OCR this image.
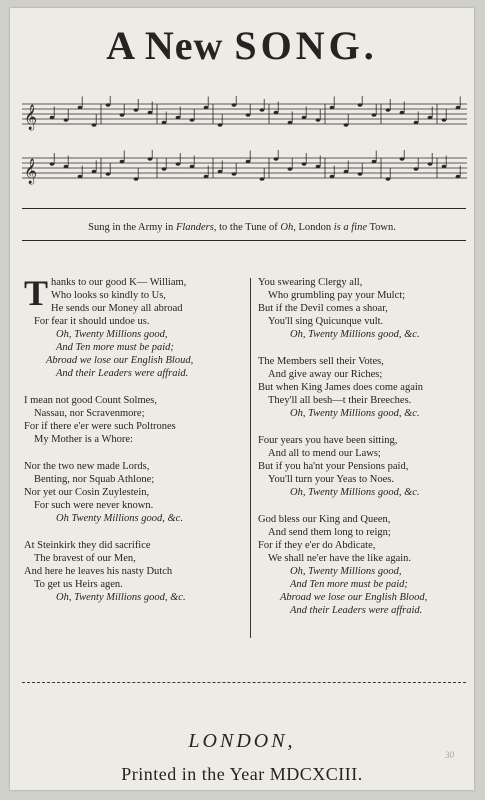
A New SONG.
𝄞
𝄞
Sung in the Army in Flanders, to the Tune of Oh, London is a fine Town.
Thanks to our good K— William,
Who looks so kindly to Us,
He sends our Money all abroad
For fear it should undoe us.
Oh, Twenty Millions good,
And Ten more must be paid;
Abroad we lose our English Bloud,
And their Leaders were affraid.
I mean not good Count Solmes,
Nassau, nor Scravenmore;
For if there e'er were such Poltrones
My Mother is a Whore:
Nor the two new made Lords,
Benting, nor Squab Athlone;
Nor yet our Cosin Zuylestein,
For such were never known.
Oh Twenty Millions good, &c.
At Steinkirk they did sacrifice
The bravest of our Men,
And here he leaves his nasty Dutch
To get us Heirs agen.
Oh, Twenty Millions good, &c.
You swearing Clergy all,
Who grumbling pay your Mulct;
But if the Devil comes a shoar,
You'll sing Quicunque vult.
Oh, Twenty Millions good, &c.
The Members sell their Votes,
And give away our Riches;
But when King James does come again
They'll all besh—t their Breeches.
Oh, Twenty Millions good, &c.
Four years you have been sitting,
And all to mend our Laws;
But if you ha'nt your Pensions paid,
You'll turn your Yeas to Noes.
Oh, Twenty Millions good, &c.
God bless our King and Queen,
And send them long to reign;
For if they e'er do Abdicate,
We shall ne'er have the like again.
Oh, Twenty Millions good,
And Ten more must be paid;
Abroad we lose our English Blood,
And their Leaders were affraid.
LONDON,
Printed in the Year MDCXCIII.
30
